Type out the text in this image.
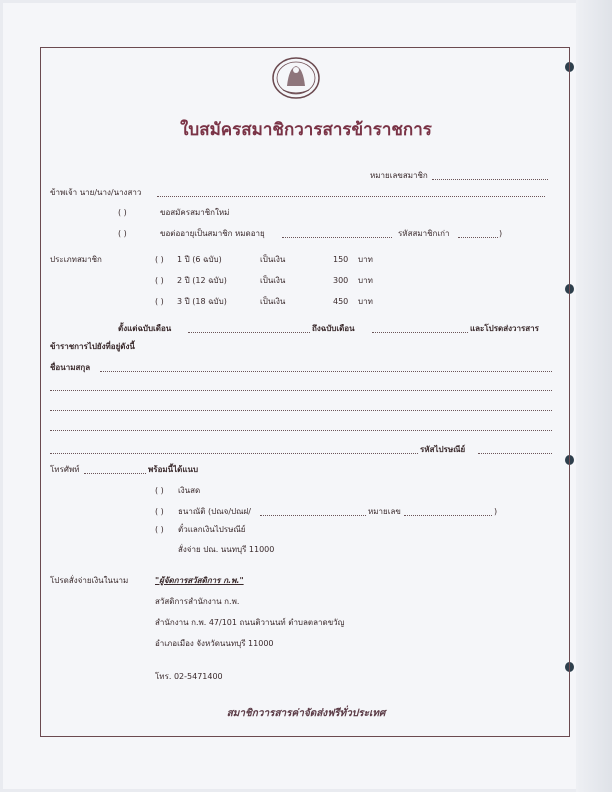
ใบสมัครสมาชิกวารสารข้าราชการ
หมายเลขสมาชิก
ข้าพเจ้า นาย/นาง/นางสาว
( )	ขอสมัครสมาชิกใหม่
( )	ขอต่ออายุเป็นสมาชิก หมดอายุ	รหัสสมาชิกเก่า	)
ประเภทสมาชิก	( ) 1 ปี (6 ฉบับ)	เป็นเงิน	150 บาท
( ) 2 ปี (12 ฉบับ)	เป็นเงิน	300 บาท
( ) 3 ปี (18 ฉบับ)	เป็นเงิน	450 บาท
ตั้งแต่ฉบับเดือน	ถึงฉบับเดือน	และโปรดส่งวารสาร
ข้าราชการไปยังที่อยู่ดังนี้
ชื่อนามสกุล
รหัสไปรษณีย์
โทรศัพท์	พร้อมนี้ได้แนบ
( ) เงินสด
( ) ธนาณัติ (ปณจ/ปณฝ/	หมายเลข	)
( ) ตั๋วแลกเงินไปรษณีย์
สั่งจ่าย ปณ. นนทบุรี 11000
โปรดสั่งจ่ายเงินในนาม	"ผู้จัดการสวัสดิการ ก.พ."
สวัสดิการสำนักงาน ก.พ.
สำนักงาน ก.พ. 47/101 ถนนติวานนท์ ตำบลตลาดขวัญ
อำเภอเมือง จังหวัดนนทบุรี 11000
โทร. 02-5471400
สมาชิกวารสารค่าจัดส่งฟรีทั่วประเทศ
